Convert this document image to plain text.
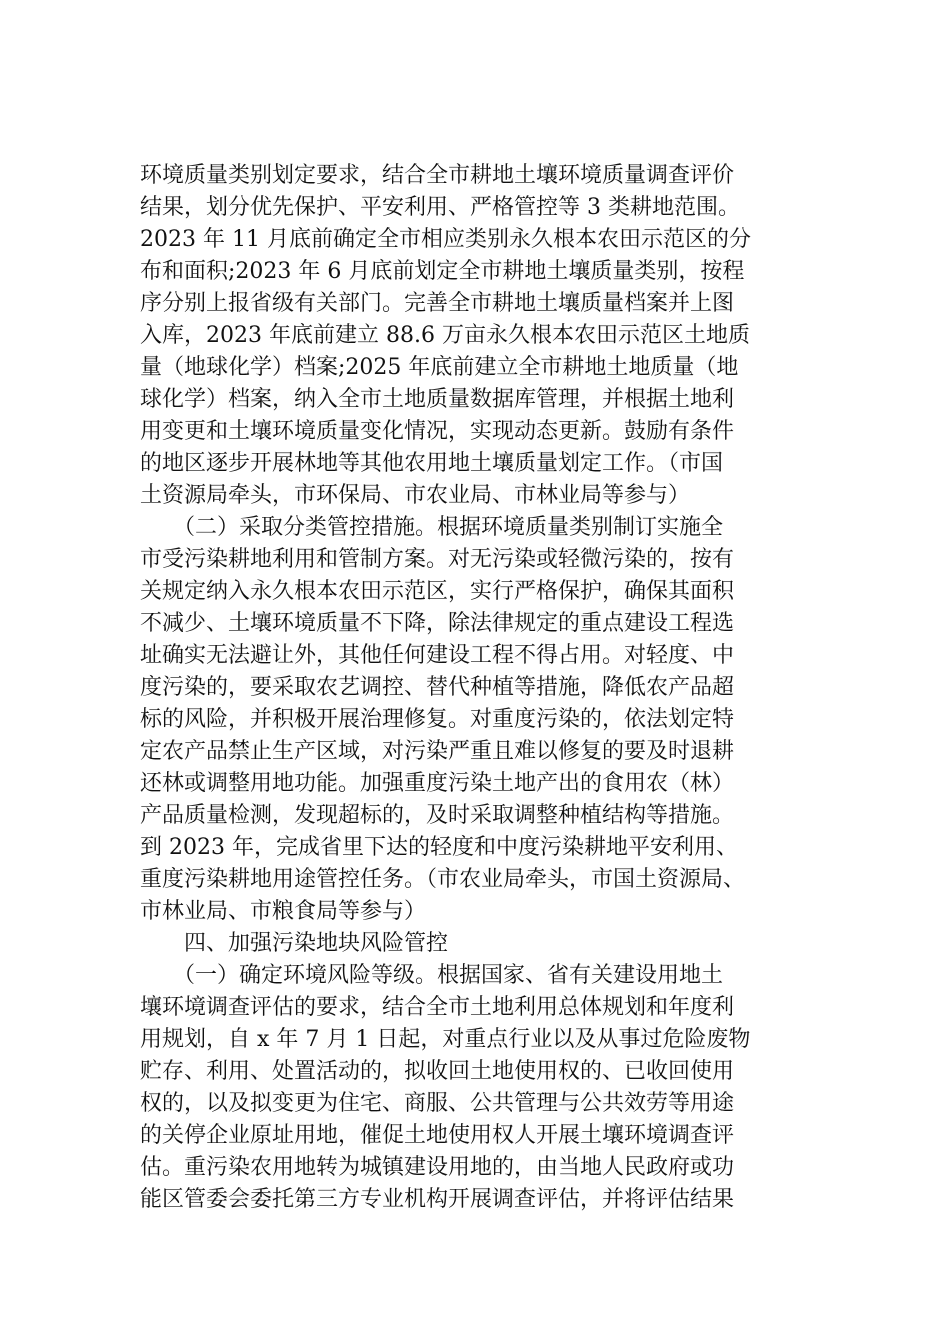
环境质量类别划定要求，结合全市耕地土壤环境质量调查评价
结果，划分优先保护、平安利用、严格管控等 3 类耕地范围。
2023 年 11 月底前确定全市相应类别永久根本农田示范区的分
布和面积;2023 年 6 月底前划定全市耕地土壤质量类别，按程
序分别上报省级有关部门。完善全市耕地土壤质量档案并上图
入库，2023 年底前建立 88.6 万亩永久根本农田示范区土地质
量（地球化学）档案;2025 年底前建立全市耕地土地质量（地
球化学）档案，纳入全市土地质量数据库管理，并根据土地利
用变更和土壤环境质量变化情况，实现动态更新。鼓励有条件
的地区逐步开展林地等其他农用地土壤质量划定工作。（市国
土资源局牵头，市环保局、市农业局、市林业局等参与）
　　（二）采取分类管控措施。根据环境质量类别制订实施全
市受污染耕地利用和管制方案。对无污染或轻微污染的，按有
关规定纳入永久根本农田示范区，实行严格保护，确保其面积
不减少、土壤环境质量不下降，除法律规定的重点建设工程选
址确实无法避让外，其他任何建设工程不得占用。对轻度、中
度污染的，要采取农艺调控、替代种植等措施，降低农产品超
标的风险，并积极开展治理修复。对重度污染的，依法划定特
定农产品禁止生产区域，对污染严重且难以修复的要及时退耕
还林或调整用地功能。加强重度污染土地产出的食用农（林）
产品质量检测，发现超标的，及时采取调整种植结构等措施。
到 2023 年，完成省里下达的轻度和中度污染耕地平安利用、
重度污染耕地用途管控任务。（市农业局牵头，市国土资源局、
市林业局、市粮食局等参与）
　　四、加强污染地块风险管控
　　（一）确定环境风险等级。根据国家、省有关建设用地土
壤环境调查评估的要求，结合全市土地利用总体规划和年度利
用规划，自 x 年 7 月 1 日起，对重点行业以及从事过危险废物
贮存、利用、处置活动的，拟收回土地使用权的、已收回使用
权的，以及拟变更为住宅、商服、公共管理与公共效劳等用途
的关停企业原址用地，催促土地使用权人开展土壤环境调查评
估。重污染农用地转为城镇建设用地的，由当地人民政府或功
能区管委会委托第三方专业机构开展调查评估，并将评估结果
